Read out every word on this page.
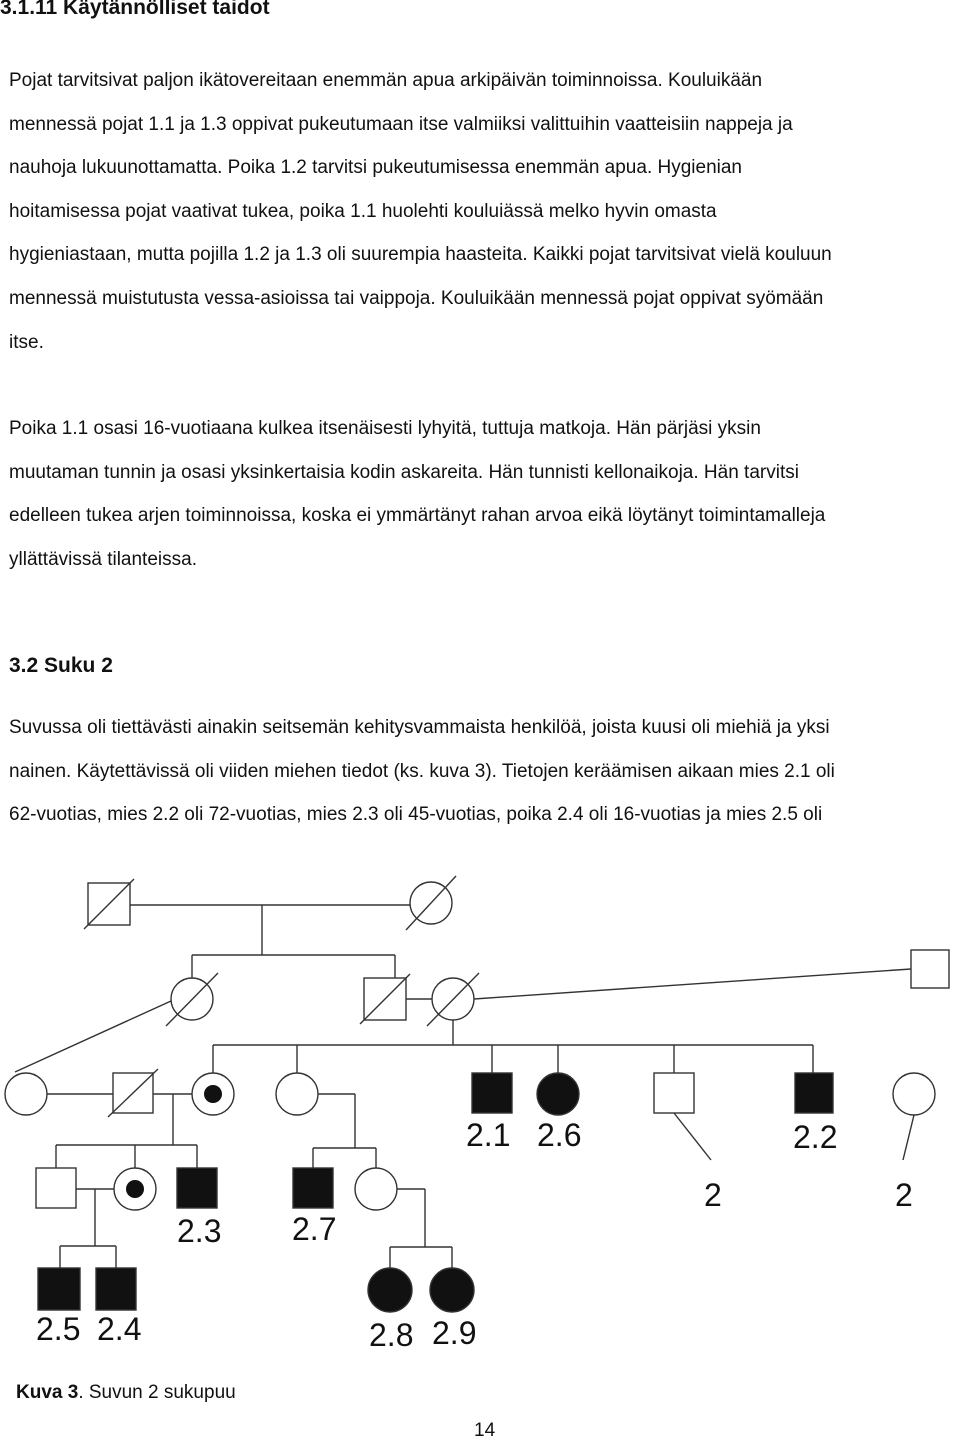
3.1.11 Käytännölliset taidot

Pojat tarvitsivat paljon ikätovereitaan enemmän apua arkipäivän toiminnoissa. Kouluikään
mennessä pojat 1.1 ja 1.3 oppivat pukeutumaan itse valmiiksi valittuihin vaatteisiin nappeja ja
nauhoja lukuunottamatta. Poika 1.2 tarvitsi pukeutumisessa enemmän apua. Hygienian
hoitamisessa pojat vaativat tukea, poika 1.1 huolehti kouluiässä melko hyvin omasta
hygieniastaan, mutta pojilla 1.2 ja 1.3 oli suurempia haasteita. Kaikki pojat tarvitsivat vielä kouluun
mennessä muistutusta vessa-asioissa tai vaippoja. Kouluikään mennessä pojat oppivat syömään
itse.

Poika 1.1 osasi 16-vuotiaana kulkea itsenäisesti lyhyitä, tuttuja matkoja. Hän pärjäsi yksin
muutaman tunnin ja osasi yksinkertaisia kodin askareita. Hän tunnisti kellonaikoja. Hän tarvitsi
edelleen tukea arjen toiminnoissa, koska ei ymmärtänyt rahan arvoa eikä löytänyt toimintamalleja
yllättävissä tilanteissa.

3.2 Suku 2

Suvussa oli tiettävästi ainakin seitsemän kehitysvammaista henkilöä, joista kuusi oli miehiä ja yksi
nainen. Käytettävissä oli viiden miehen tiedot (ks. kuva 3). Tietojen keräämisen aikaan mies 2.1 oli
62-vuotias, mies 2.2 oli 72-vuotias, mies 2.3 oli 45-vuotias, poika 2.4 oli 16-vuotias ja mies 2.5 oli

2.1 2.6	2.2
2	2
2.3 2.7
2.5 2.4	2.8 2.9

Kuva 3. Suvun 2 sukupuu

14
